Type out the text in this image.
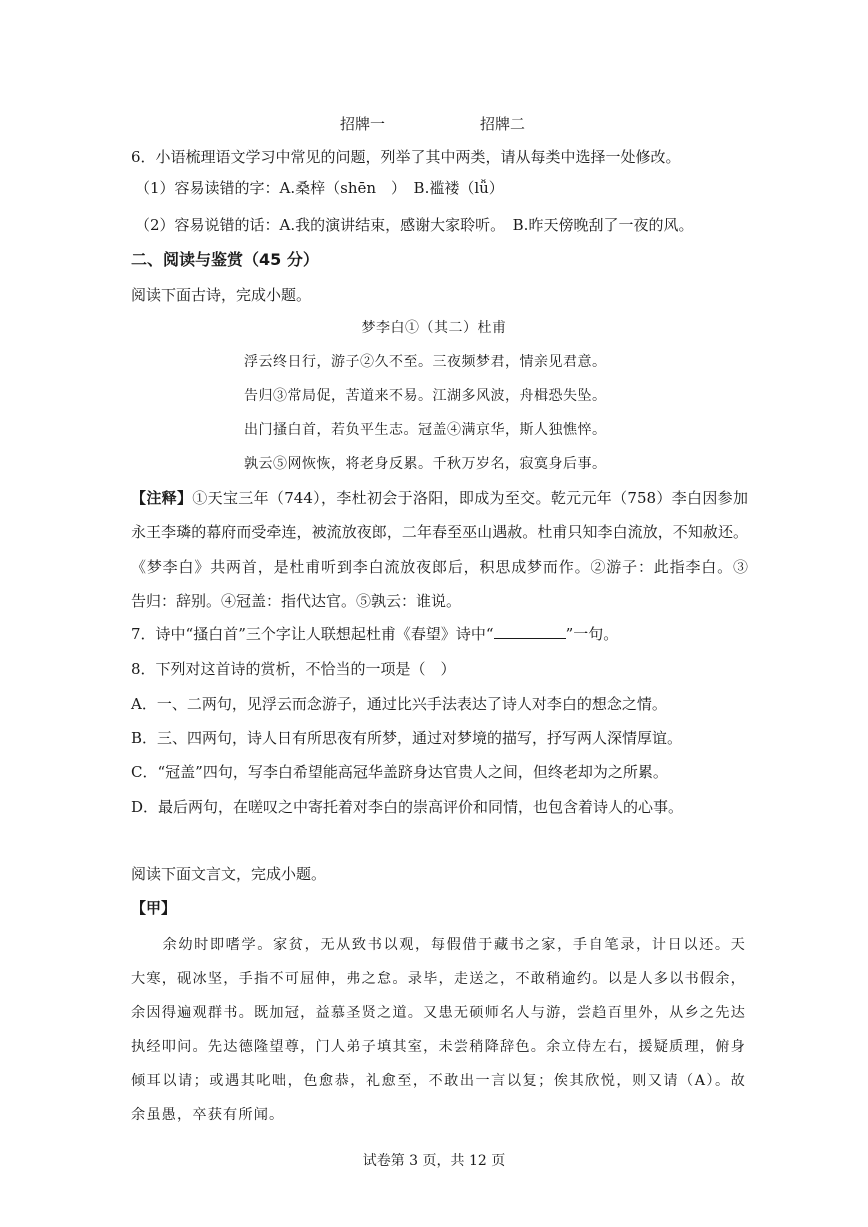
招牌一	招牌二
6．小语梳理语文学习中常见的问题，列举了其中两类，请从每类中选择一处修改。
（1）容易读错的字：A.桑梓（shēn　）　B.褴褛（lǚ）
（2）容易说错的话：A.我的演讲结束，感谢大家聆听。　B.昨天傍晚刮了一夜的风。
二、阅读与鉴赏（45 分）
阅读下面古诗，完成小题。
梦李白①（其二）杜甫
浮云终日行，游子②久不至。三夜频梦君，情亲见君意。
告归③常局促，苦道来不易。江湖多风波，舟楫恐失坠。
出门搔白首，若负平生志。冠盖④满京华，斯人独憔悴。
孰云⑤网恢恢，将老身反累。千秋万岁名，寂寞身后事。
【注释】①天宝三年（744），李杜初会于洛阳，即成为至交。乾元元年（758）李白因参加
永王李璘的幕府而受牵连，被流放夜郎，二年春至巫山遇赦。杜甫只知李白流放，不知赦还。
《梦李白》共两首，是杜甫听到李白流放夜郎后，积思成梦而作。②游子：此指李白。③
告归：辞别。④冠盖：指代达官。⑤孰云：谁说。
7．诗中“搔白首”三个字让人联想起杜甫《春望》诗中“	”一句。
8．下列对这首诗的赏析，不恰当的一项是（　）
A．一、二两句，见浮云而念游子，通过比兴手法表达了诗人对李白的想念之情。
B．三、四两句，诗人日有所思夜有所梦，通过对梦境的描写，抒写两人深情厚谊。
C．“冠盖”四句，写李白希望能高冠华盖跻身达官贵人之间，但终老却为之所累。
D．最后两句，在嗟叹之中寄托着对李白的崇高评价和同情，也包含着诗人的心事。
阅读下面文言文，完成小题。
【甲】
　　余幼时即嗜学。家贫，无从致书以观，每假借于藏书之家，手自笔录，计日以还。天
大寒，砚冰坚，手指不可屈伸，弗之怠。录毕，走送之，不敢稍逾约。以是人多以书假余，
余因得遍观群书。既加冠，益慕圣贤之道。又患无硕师名人与游，尝趋百里外，从乡之先达
执经叩问。先达德隆望尊，门人弟子填其室，未尝稍降辞色。余立侍左右，援疑质理，俯身
倾耳以请；或遇其叱咄，色愈恭，礼愈至，不敢出一言以复；俟其欣悦，则又请（A）。故
余虽愚，卒获有所闻。
试卷第 3 页，共 12 页
